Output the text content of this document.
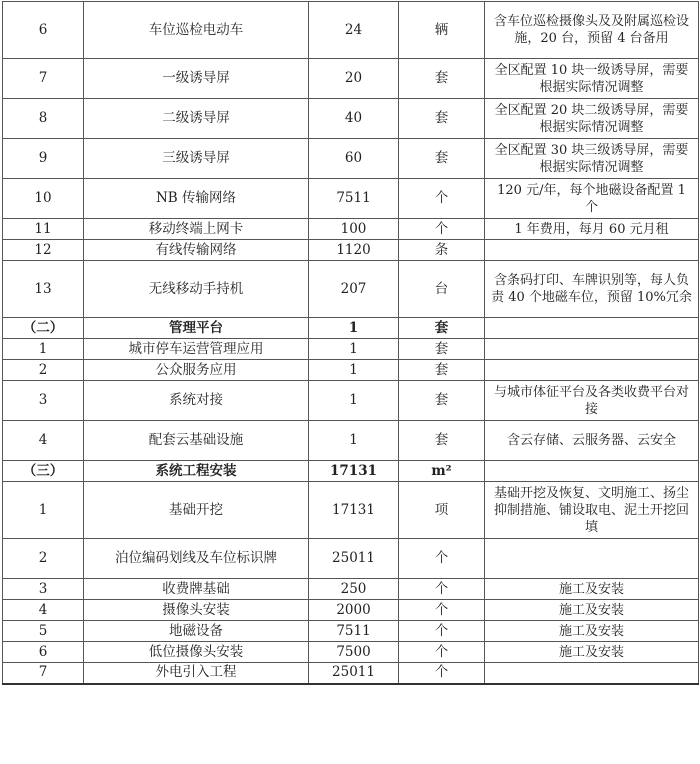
6	车位巡检电动车	24	辆	含车位巡检摄像头及及附属巡检设施，20 台，预留 4 台备用
7	一级诱导屏	20	套	全区配置 10 块一级诱导屏，需要根据实际情况调整
8	二级诱导屏	40	套	全区配置 20 块二级诱导屏，需要根据实际情况调整
9	三级诱导屏	60	套	全区配置 30 块三级诱导屏，需要根据实际情况调整
10	NB 传输网络	7511	个	120 元/年，每个地磁设备配置 1 个
11	移动终端上网卡	100	个	1 年费用，每月 60 元月租
12	有线传输网络	1120	条	
13	无线移动手持机	207	台	含条码打印、车牌识别等，每人负责 40 个地磁车位，预留 10%冗余
（二）	管理平台	1	套	
1	城市停车运营管理应用	1	套	
2	公众服务应用	1	套	
3	系统对接	1	套	与城市体征平台及各类收费平台对接
4	配套云基础设施	1	套	含云存储、云服务器、云安全
（三）	系统工程安装	17131	m²	
1	基础开挖	17131	项	基础开挖及恢复、文明施工、扬尘抑制措施、铺设取电、泥土开挖回填
2	泊位编码划线及车位标识牌	25011	个	
3	收费牌基础	250	个	施工及安装
4	摄像头安装	2000	个	施工及安装
5	地磁设备	7511	个	施工及安装
6	低位摄像头安装	7500	个	施工及安装
7	外电引入工程	25011	个	
